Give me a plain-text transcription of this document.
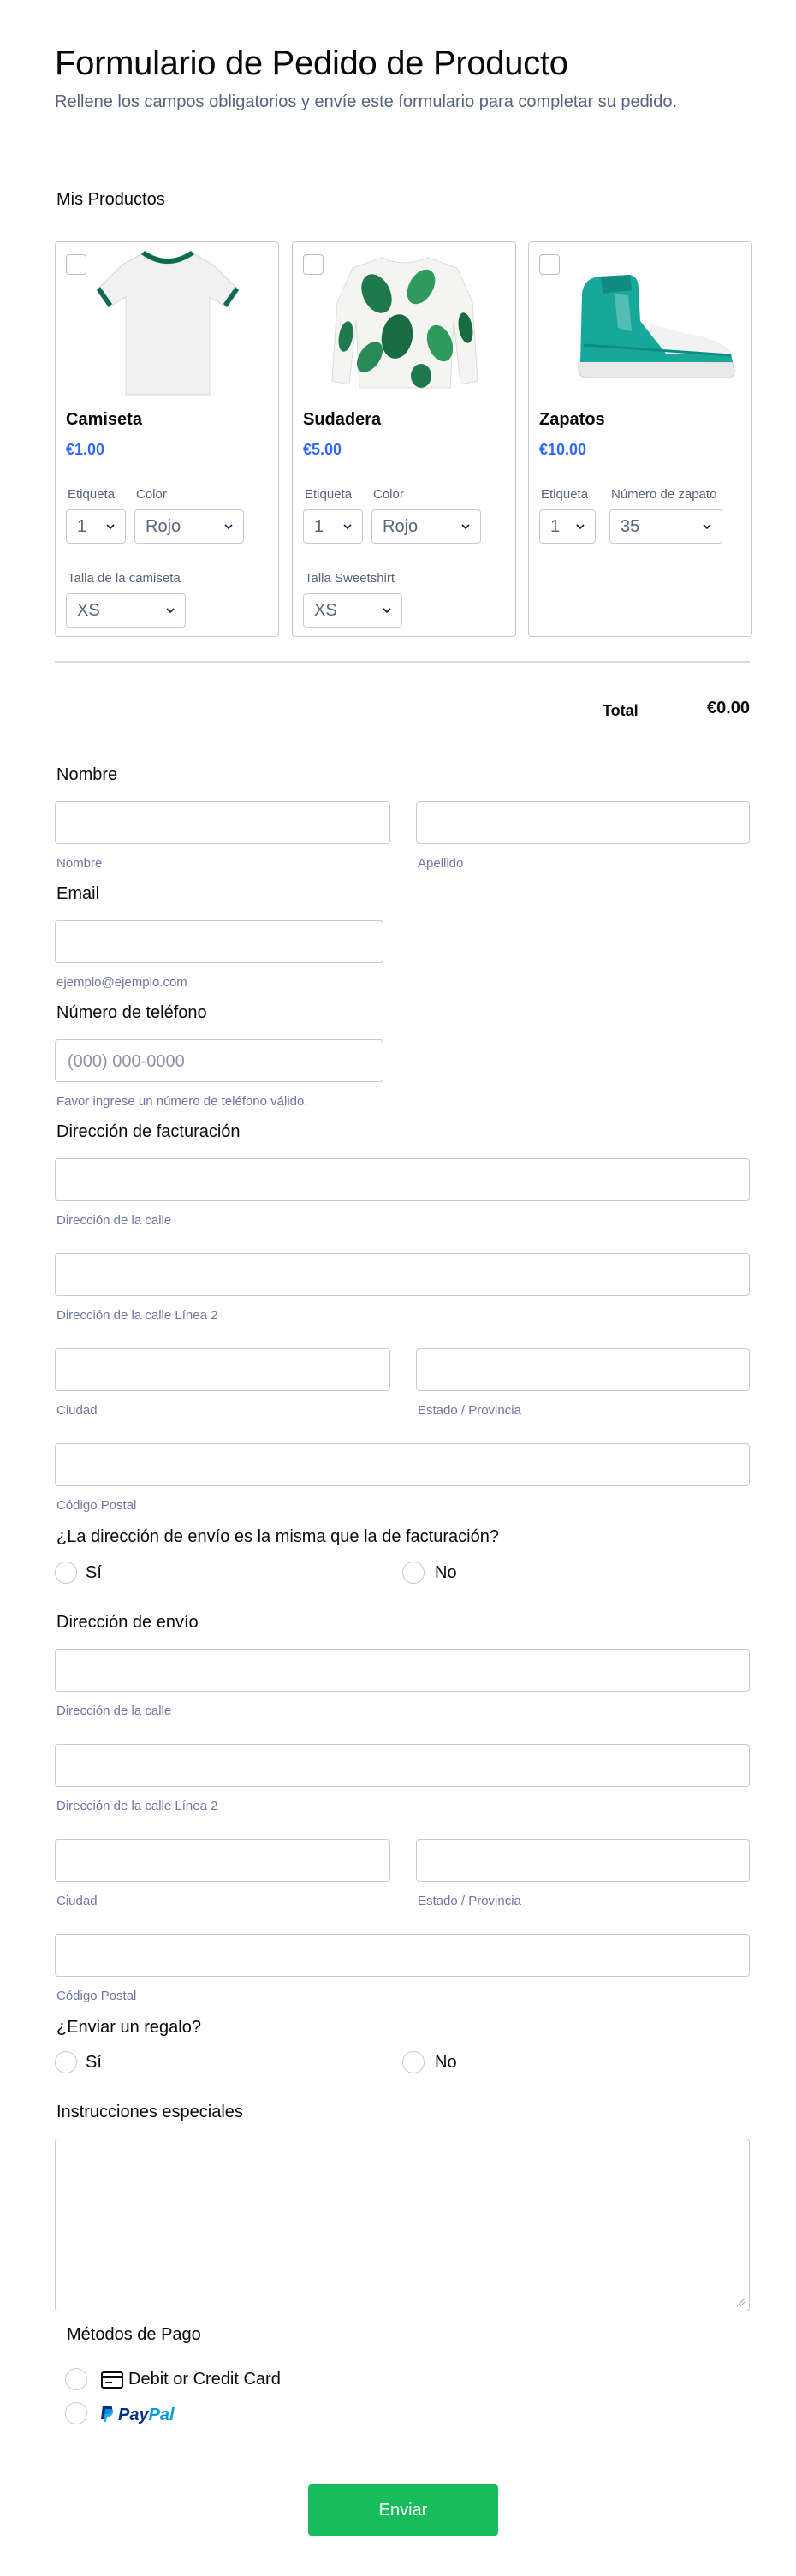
Formulario de Pedido de Producto

Rellene los campos obligatorios y envíe este formulario para completar su pedido.

Mis Productos
Camiseta
€1.00
Etiqueta
1
Color
Rojo
Talla de la camiseta
XS
Sudadera
€5.00
Etiqueta
1
Color
Rojo
Talla Sweetshirt
XS
Zapatos
€10.00
Etiqueta
1
Número de zapato
35
Total	€0.00
Nombre
Nombre	Apellido
Email
ejemplo@ejemplo.com
Número de teléfono
(000) 000-0000
Favor ingrese un número de teléfono válido.
Dirección de facturación
Dirección de la calle
Dirección de la calle Línea 2
Ciudad	Estado / Provincia
Código Postal
¿La dirección de envío es la misma que la de facturación?
Sí	No
Dirección de envío
Dirección de la calle
Dirección de la calle Línea 2
Ciudad	Estado / Provincia
Código Postal
¿Enviar un regalo?
Sí	No
Instrucciones especiales
Métodos de Pago
Debit or Credit Card
PayPal
Enviar
